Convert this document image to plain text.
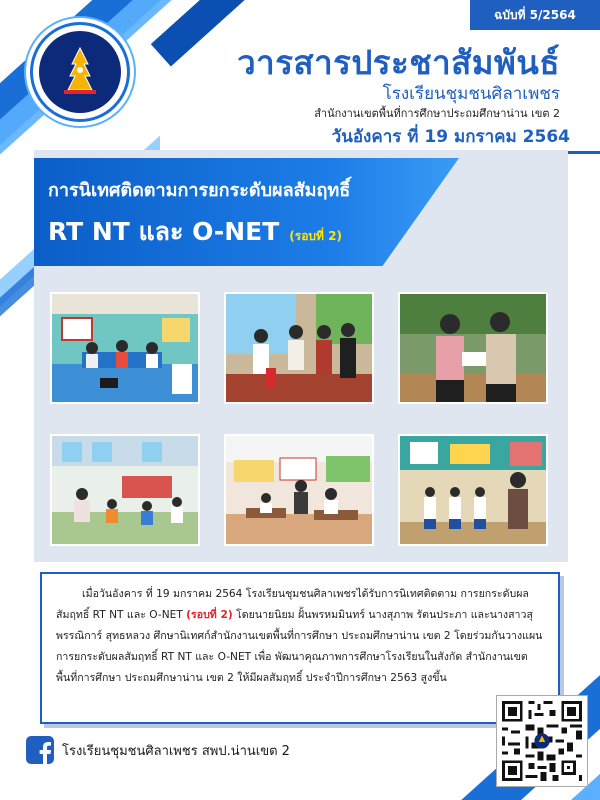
ฉบับที่ 5/2564
วารสารประชาสัมพันธ์
โรงเรียนชุมชนศิลาเพชร
สำนักงานเขตพื้นที่การศึกษาประถมศึกษาน่าน เขต 2
วันอังคาร ที่ 19 มกราคม 2564
การนิเทศติดตามการยกระดับผลสัมฤทธิ์
RT NT และ O-NET (รอบที่ 2)
เมื่อวันอังคาร ที่ 19 มกราคม 2564 โรงเรียนชุมชนศิลาเพชรได้รับการนิเทศติดตาม การยกระดับผลสัมฤทธิ์ RT NT และ O-NET (รอบที่ 2) โดยนายนิยม ฝั้นพรหมมินทร์ นางสุภาพ รัตนประภา และนางสาวสุพรรณิการ์ สุทธหลวง ศึกษานิเทศก์สำนักงานเขตพื้นที่การศึกษา ประถมศึกษาน่าน เขต 2 โดยร่วมกันวางแผนการยกระดับผลสัมฤทธิ์ RT NT และ O-NET เพื่อ พัฒนาคุณภาพการศึกษาโรงเรียนในสังกัด สำนักงานเขตพื้นที่การศึกษา ประถมศึกษาน่าน เขต 2 ให้มีผลสัมฤทธิ์ ประจำปีการศึกษา 2563 สูงขึ้น
โรงเรียนชุมชนศิลาเพชร สพป.น่านเขต 2
